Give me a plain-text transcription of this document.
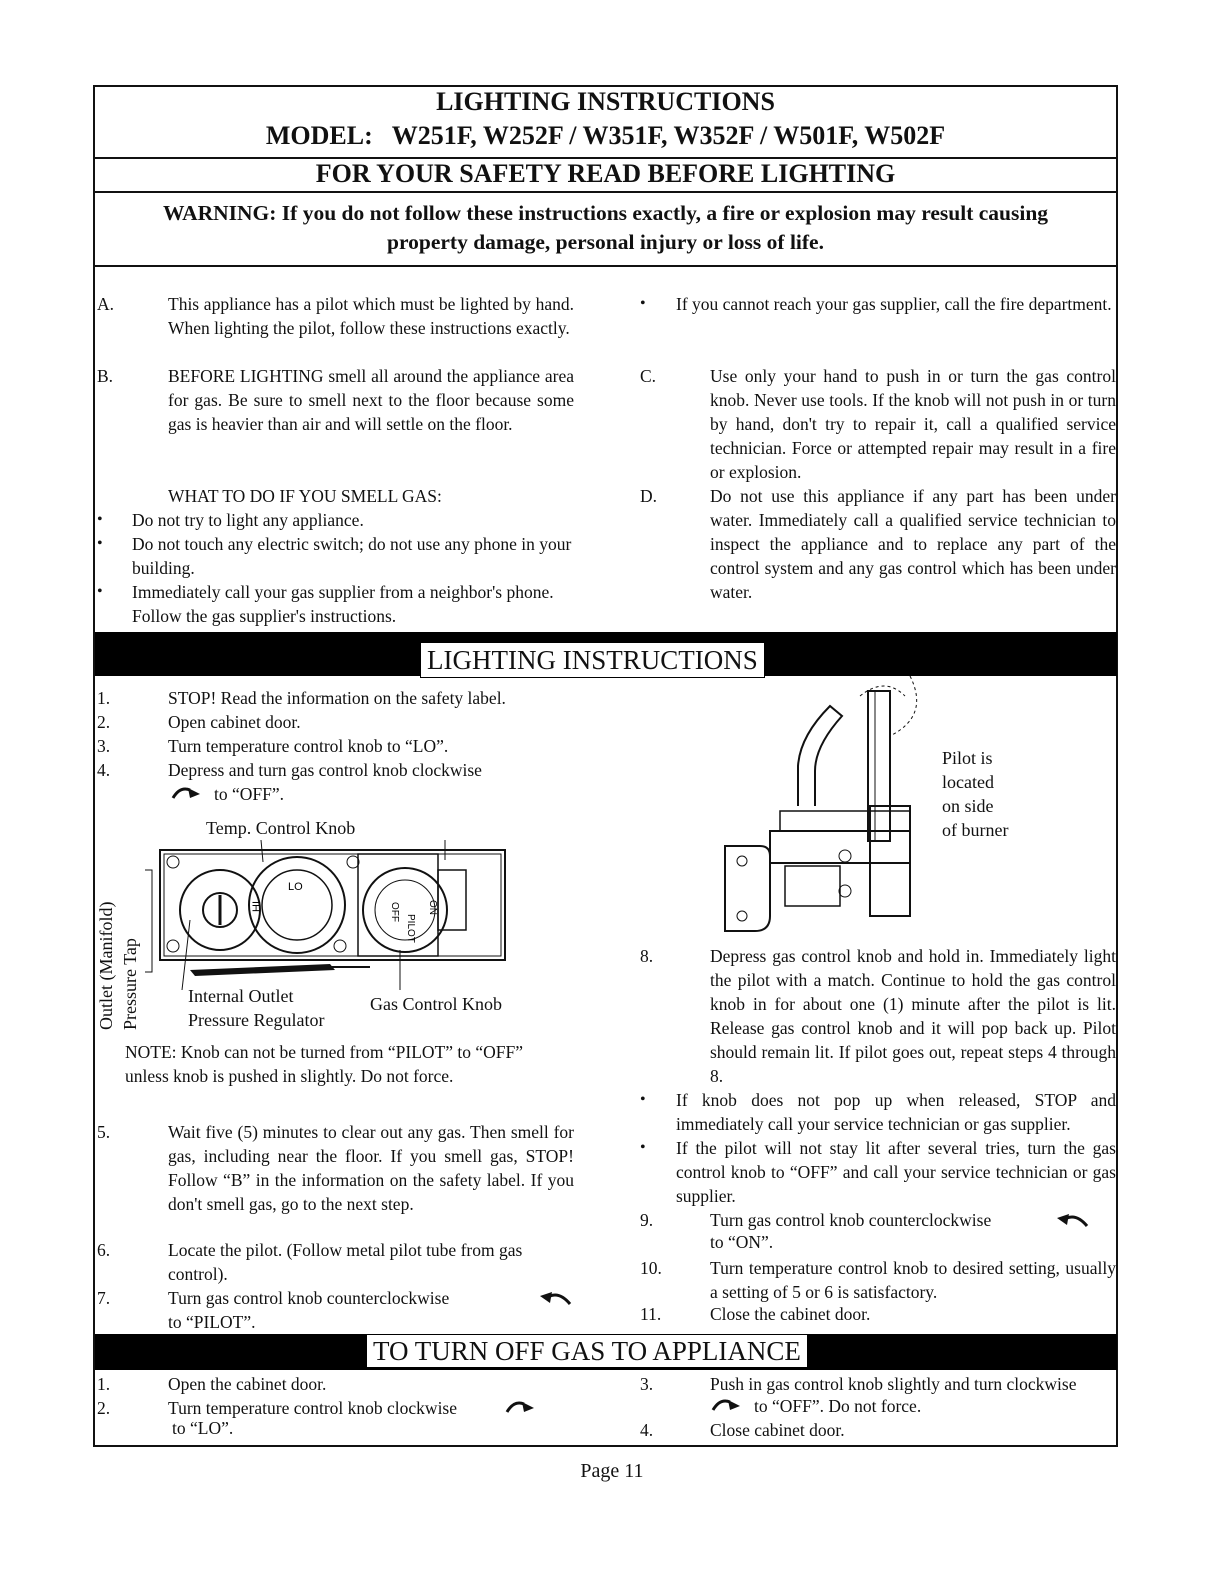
LIGHTING INSTRUCTIONS
MODEL:   W251F, W252F / W351F, W352F / W501F, W502F
FOR YOUR SAFETY READ BEFORE LIGHTING
WARNING: If you do not follow these instructions exactly, a fire or explosion may result causing
property damage, personal injury or loss of life.
A.	This appliance has a pilot which must be lighted by hand. When lighting the pilot, follow these instructions exactly.
B.	BEFORE LIGHTING smell all around the appliance area for gas. Be sure to smell next to the floor because some gas is heavier than air and will settle on the floor.
WHAT TO DO IF YOU SMELL GAS:
• Do not try to light any appliance.
• Do not touch any electric switch; do not use any phone in your building.
• Immediately call your gas supplier from a neighbor's phone. Follow the gas supplier's instructions.
• If you cannot reach your gas supplier, call the fire department.
C.	Use only your hand to push in or turn the gas control knob. Never use tools. If the knob will not push in or turn by hand, don't try to repair it, call a qualified service technician. Force or attempted repair may result in a fire or explosion.
D.	Do not use this appliance if any part has been under water. Immediately call a qualified service technician to inspect the appliance and to replace any part of the control system and any gas control which has been under water.
LIGHTING INSTRUCTIONS
1.	STOP! Read the information on the safety label.
2.	Open cabinet door.
3.	Turn temperature control knob to “LO”.
4.	Depress and turn gas control knob clockwise
to “OFF”.
Temp. Control Knob
LO
HI	OFF
PILOT
ON
Outlet (Manifold) Pressure Tap	Internal Outlet
Pressure Regulator
Gas Control Knob
NOTE: Knob can not be turned from “PILOT” to “OFF” unless knob is pushed in slightly. Do not force.
5.	Wait five (5) minutes to clear out any gas. Then smell for gas, including near the floor. If you smell gas, STOP! Follow “B” in the information on the safety label. If you don't smell gas, go to the next step.
6.	Locate the pilot. (Follow metal pilot tube from gas control).
7.	Turn gas control knob counterclockwise
to “PILOT”.
Pilot is
located
on side
of burner
8.	Depress gas control knob and hold in. Immediately light the pilot with a match. Continue to hold the gas control knob in for about one (1) minute after the pilot is lit. Release gas control knob and it will pop back up. Pilot should remain lit. If pilot goes out, repeat steps 4 through 8.
• If knob does not pop up when released, STOP and immediately call your service technician or gas supplier.
• If the pilot will not stay lit after several tries, turn the gas control knob to “OFF” and call your service technician or gas supplier.
9.	Turn gas control knob counterclockwise
to “ON”.
10.	Turn temperature control knob to desired setting, usually a setting of 5 or 6 is satisfactory.
11.	Close the cabinet door.
TO TURN OFF GAS TO APPLIANCE
1.	Open the cabinet door.
2.	Turn temperature control knob clockwise
to “LO”.
3.	Push in gas control knob slightly and turn clockwise
to “OFF”. Do not force.
4.	Close cabinet door.
Page 11
